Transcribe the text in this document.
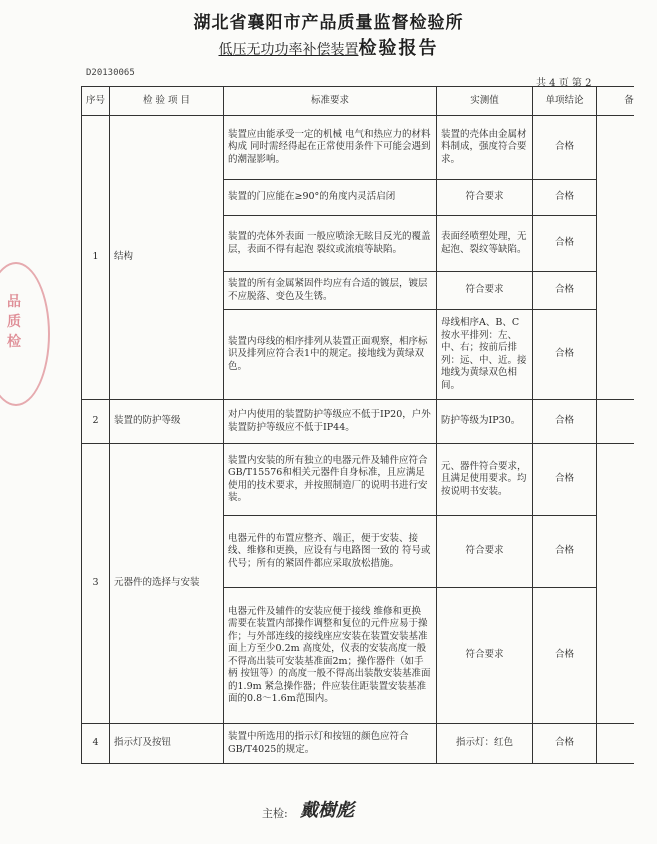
湖北省襄阳市产品质量监督检验所
低压无功功率补偿装置检验报告
D20130065
共 4 页 第 2
品
质
检
序号	检 验 项 目	标准要求	实测值	单项结论	备
1	结构	装置应由能承受一定的机械 电气和热应力的材料构成 同时需经得起在正常使用条件下可能会遇到的潮湿影响。	装置的壳体由金属材料制成，强度符合要求。	合格	
		装置的门应能在≥90°的角度内灵活启闭	符合要求	合格	
		装置的壳体外表面 一般应喷涂无眩目反光的覆盖层，表面不得有起泡 裂纹或流痕等缺陷。	表面经喷塑处理，无起泡、裂纹等缺陷。	合格	
		装置的所有金属紧固件均应有合适的镀层，镀层不应脱落、变色及生锈。	符合要求	合格	
		装置内母线的相序排列从装置正面观察，相序标识及排列应符合表1中的规定。接地线为黄绿双色。	母线相序A、B、C按水平排列：左、中、右；按前后排列：远、中、近。接地线为黄绿双色相间。	合格	
2	装置的防护等级	对户内使用的装置防护等级应不低于IP20，户外装置防护等级应不低于IP44。	防护等级为IP30。	合格	
3	元器件的选择与安装	装置内安装的所有独立的电器元件及辅件应符合GB/T15576和相关元器件自身标准，且应满足使用的技术要求，并按照制造厂的说明书进行安装。	元、器件符合要求，且满足使用要求。均按说明书安装。	合格	
		电器元件的布置应整齐、端正，便于安装、接线、维修和更换，应设有与电路图一致的 符号或代号；所有的紧固件都应采取放松措施。	符合要求	合格	
		电器元件及辅件的安装应便于接线 维修和更换 需要在装置内部操作调整和复位的元件应易于操作；与外部连线的接线座应安装在装置安装基准面上方至少0.2m 高度处，仪表的安装高度一般不得高出装可安装基准面2m；操作器件（如手柄 按钮等）的高度一般不得高出装散安装基准面的1.9m 紧急操作器；件应装住距装置安装基准面的0.8～1.6m范围内。	符合要求	合格	
4	指示灯及按钮	装置中所选用的指示灯和按钮的颜色应符合GB/T4025的规定。	指示灯：红色	合格	
主检: 戴樹彪
